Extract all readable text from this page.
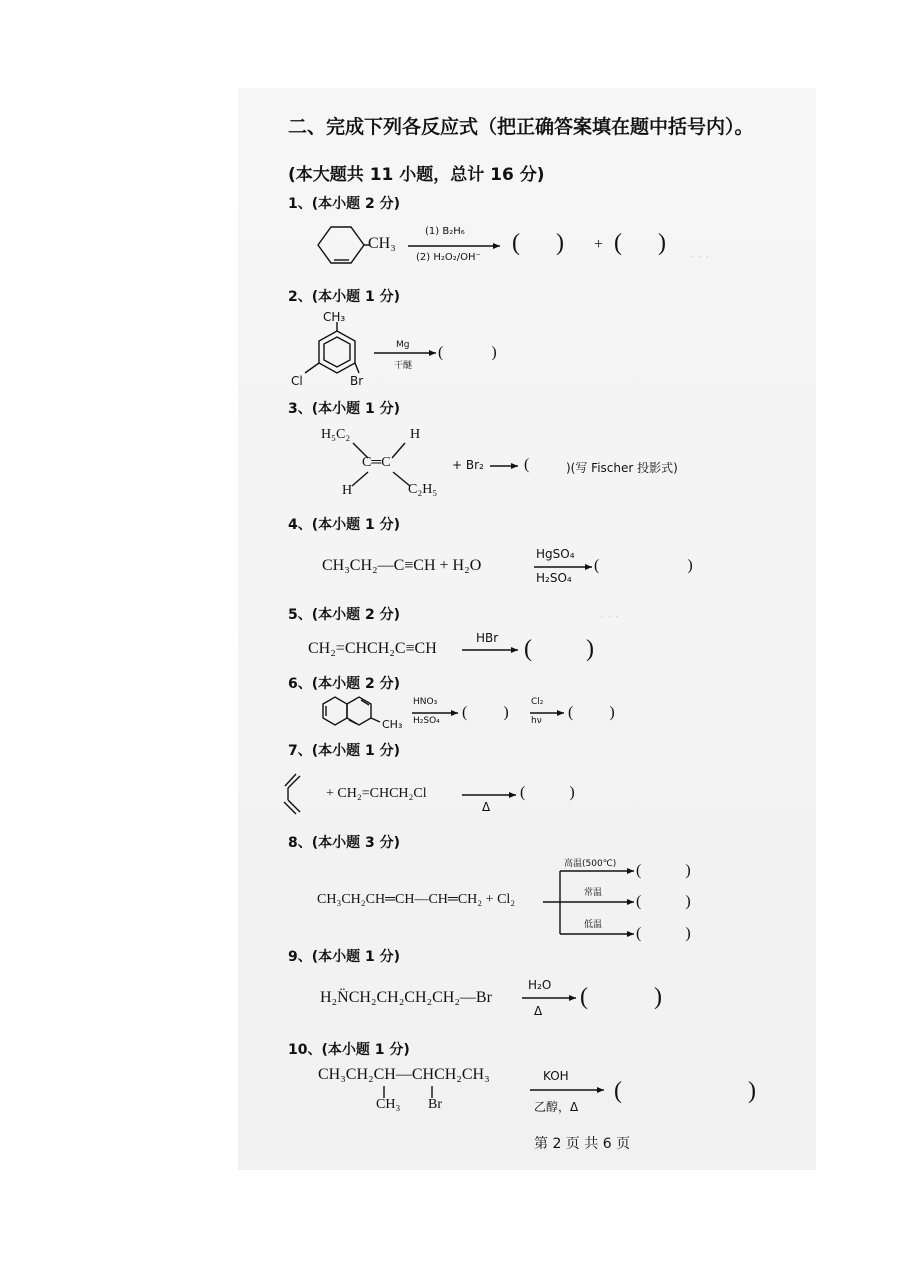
· · ·
· · ·
二、完成下列各反应式（把正确答案填在题中括号内）。
(本大题共 11 小题，总计 16 分)
1、(本小题 2 分)
CH₃
(1) B₂H₆
(2) H₂O₂/OH⁻
(      ) + (      )
2、(本小题 1 分)
CH₃
Cl	Br
Mg
干醚
(            )
3、(本小题 1 分)
H₅C₂	H
C═C
H	C₂H₅
+ Br₂	( )(写 Fischer 投影式)
4、(本小题 1 分)
CH₃CH₂—C≡CH + H₂O
HgSO₄
H₂SO₄
(                      )
5、(本小题 2 分)
CH₂=CHCH₂C≡CH
HBr (         )
6、(本小题 2 分)
CH₃
HNO₃
H₂SO₄ (         )
Cl₂
hν (         )
7、(本小题 1 分)
+ CH₂=CHCH₂Cl
Δ
(           )
8、(本小题 3 分)
CH₃CH₂CH═CH—CH═CH₂ + Cl₂
高温(500℃)
常温
低温
(           )
(           )
(           )
9、(本小题 1 分)
H₂N̈CH₂CH₂CH₂CH₂—Br
H₂O
Δ
(           )
10、(本小题 1 分)
CH₃CH₂CH—CHCH₂CH₃
CH₃ Br
KOH
乙醇，Δ
(                     )
第 2 页 共 6 页
